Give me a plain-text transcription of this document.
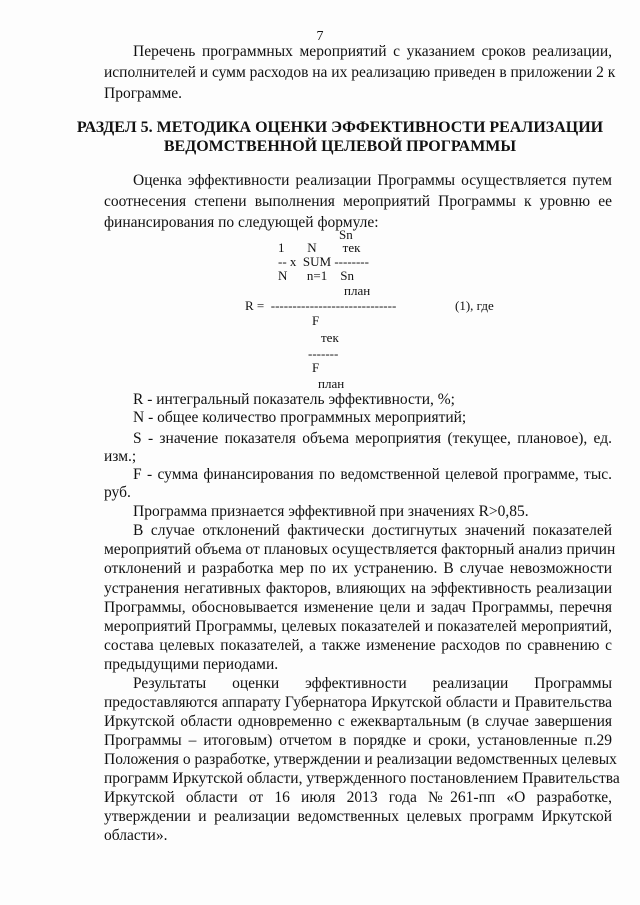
7
Перечень программных мероприятий с указанием сроков реализации,
исполнителей и сумм расходов на их реализацию приведен в приложении 2 к
Программе.
РАЗДЕЛ 5. МЕТОДИКА ОЦЕНКИ ЭФФЕКТИВНОСТИ РЕАЛИЗАЦИИ
ВЕДОМСТВЕННОЙ ЦЕЛЕВОЙ ПРОГРАММЫ
Оценка эффективности реализации Программы осуществляется путем
соотнесения степени выполнения мероприятий Программы к уровню ее
финансирования по следующей формуле:
Sn
1       N        тек
-- x  SUM --------
N      n=1    Sn
план
R =  -----------------------------	(1), где
F
тек
-------
F
план
R - интегральный показатель эффективности, %;
N - общее количество программных мероприятий;
S - значение показателя объема мероприятия (текущее, плановое), ед.
изм.;
F - сумма финансирования по ведомственной целевой программе, тыс.
руб.
Программа признается эффективной при значениях R>0,85.
В случае отклонений фактически достигнутых значений показателей
мероприятий объема от плановых осуществляется факторный анализ причин
отклонений и разработка мер по их устранению. В случае невозможности
устранения негативных факторов, влияющих на эффективность реализации
Программы, обосновывается изменение цели и задач Программы, перечня
мероприятий Программы, целевых показателей и показателей мероприятий,
состава целевых показателей, а также изменение расходов по сравнению с
предыдущими периодами.
Результаты оценки эффективности реализации Программы
предоставляются аппарату Губернатора Иркутской области и Правительства
Иркутской области одновременно с ежеквартальным (в случае завершения
Программы – итоговым) отчетом в порядке и сроки, установленные п.29
Положения о разработке, утверждении и реализации ведомственных целевых
программ Иркутской области, утвержденного постановлением Правительства
Иркутской области от 16 июля 2013 года №261-пп «О разработке,
утверждении и реализации ведомственных целевых программ Иркутской
области».
